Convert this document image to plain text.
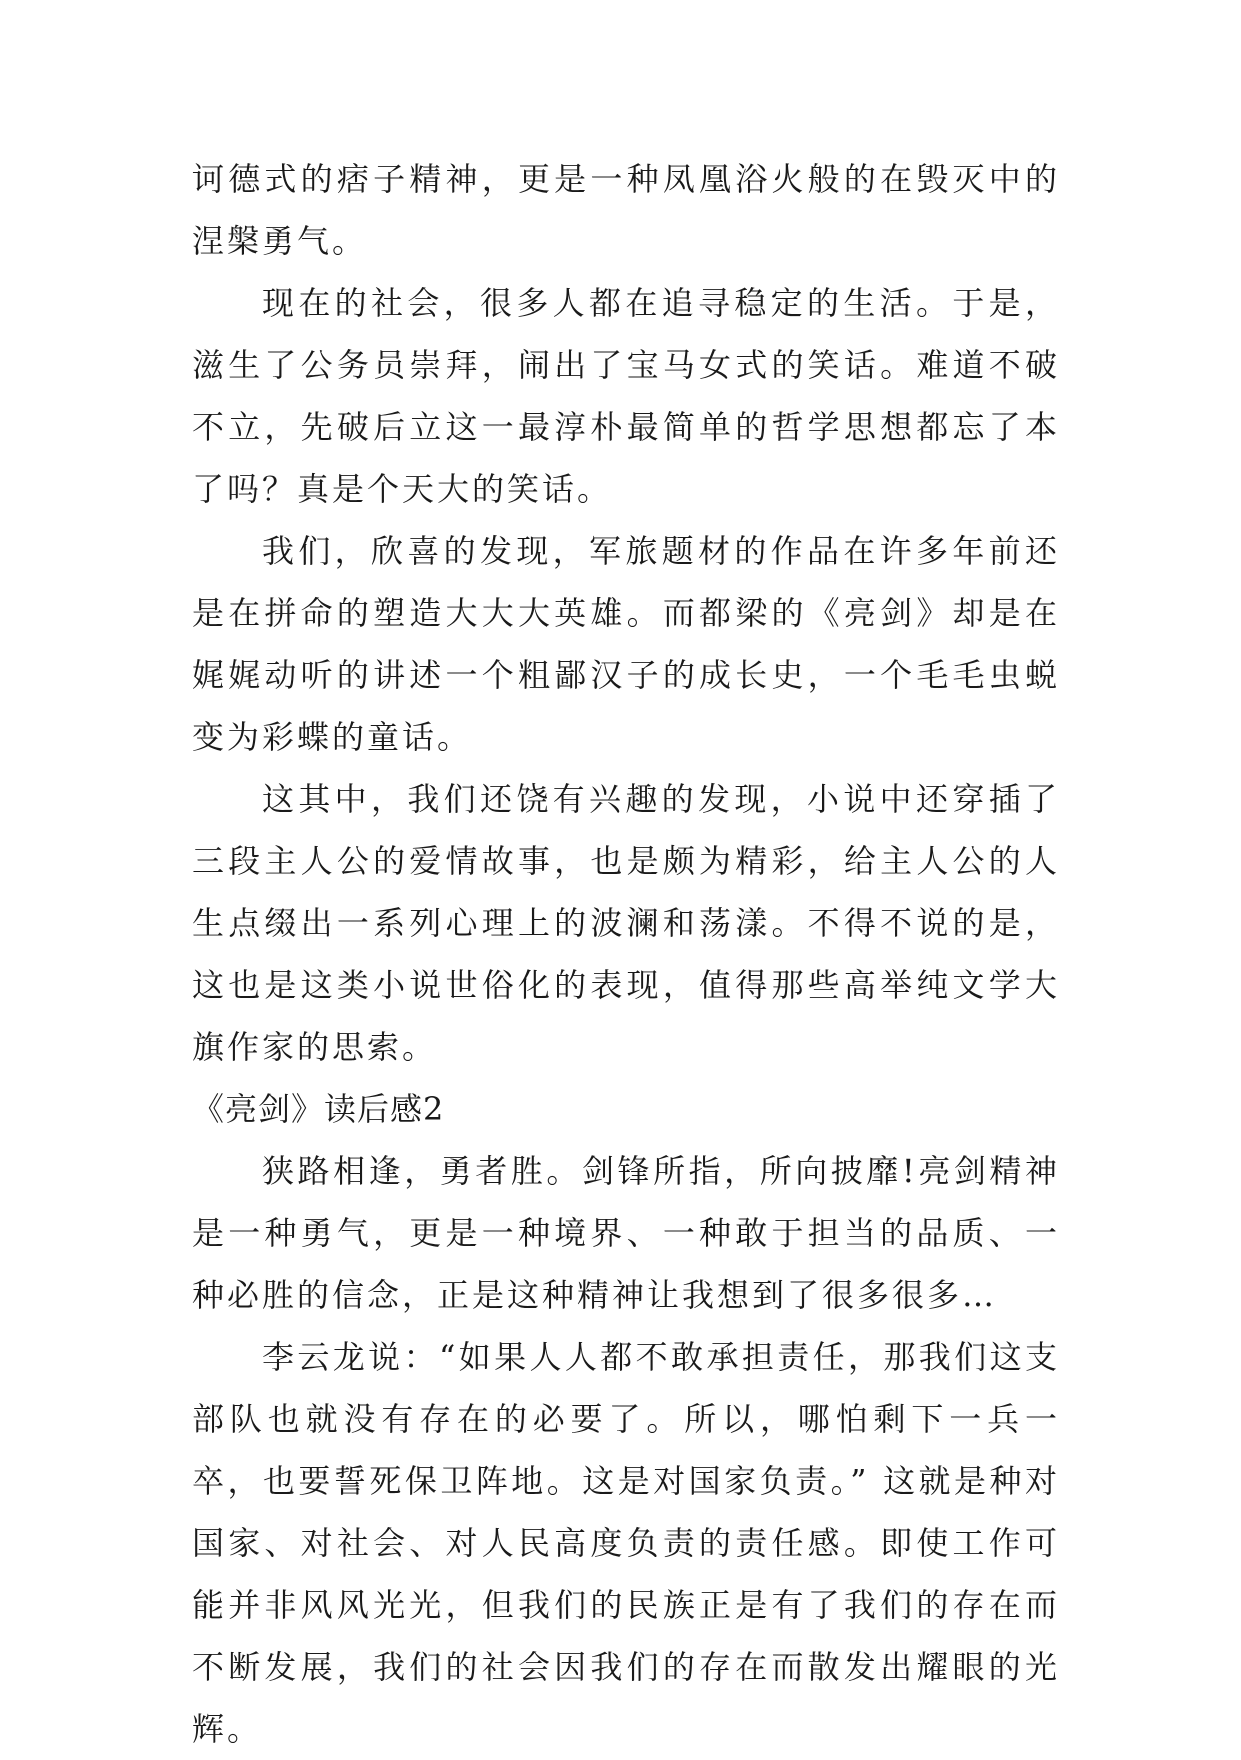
诃德式的痞子精神，更是一种凤凰浴火般的在毁灭中的涅槃勇气。

现在的社会，很多人都在追寻稳定的生活。于是，滋生了公务员崇拜，闹出了宝马女式的笑话。难道不破不立，先破后立这一最淳朴最简单的哲学思想都忘了本了吗？真是个天大的笑话。

我们，欣喜的发现，军旅题材的作品在许多年前还是在拼命的塑造大大大英雄。而都梁的《亮剑》却是在娓娓动听的讲述一个粗鄙汉子的成长史，一个毛毛虫蜕变为彩蝶的童话。

这其中，我们还饶有兴趣的发现，小说中还穿插了三段主人公的爱情故事，也是颇为精彩，给主人公的人生点缀出一系列心理上的波澜和荡漾。不得不说的是，这也是这类小说世俗化的表现，值得那些高举纯文学大旗作家的思索。

《亮剑》读后感2

狭路相逢，勇者胜。剑锋所指，所向披靡!亮剑精神是一种勇气，更是一种境界、一种敢于担当的品质、一种必胜的信念，正是这种精神让我想到了很多很多…

李云龙说：“如果人人都不敢承担责任，那我们这支部队也就没有存在的必要了。所以，哪怕剩下一兵一卒，也要誓死保卫阵地。这是对国家负责。” 这就是种对国家、对社会、对人民高度负责的责任感。即使工作可能并非风风光光，但我们的民族正是有了我们的存在而不断发展，我们的社会因我们的存在而散发出耀眼的光辉。
